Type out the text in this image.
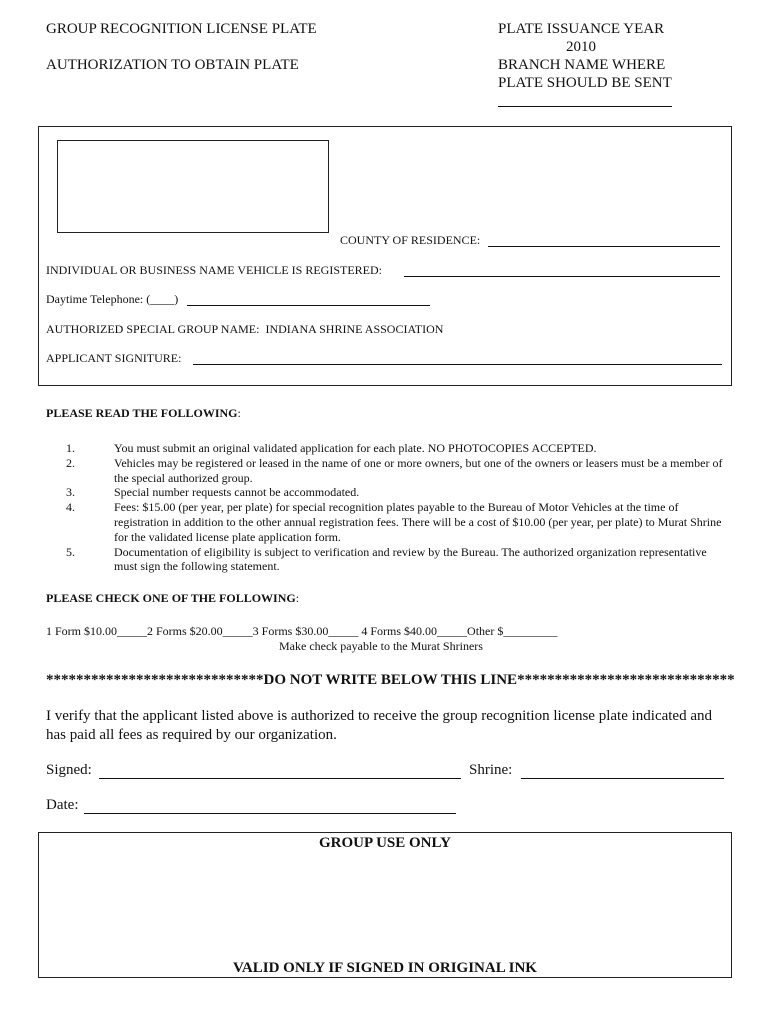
GROUP RECOGNITION LICENSE PLATE
AUTHORIZATION TO OBTAIN PLATE
PLATE ISSUANCE YEAR
2010
BRANCH NAME WHERE
PLATE SHOULD BE SENT
COUNTY OF RESIDENCE:
INDIVIDUAL OR BUSINESS NAME VEHICLE IS REGISTERED:
Daytime Telephone: (____)
AUTHORIZED SPECIAL GROUP NAME: INDIANA SHRINE ASSOCIATION
APPLICANT SIGNITURE:
PLEASE READ THE FOLLOWING:
1.	You must submit an original validated application for each plate. NO PHOTOCOPIES ACCEPTED.
2.	Vehicles may be registered or leased in the name of one or more owners, but one of the owners or leasers must be a member of the special authorized group.
3.	Special number requests cannot be accommodated.
4.	Fees: $15.00 (per year, per plate) for special recognition plates payable to the Bureau of Motor Vehicles at the time of registration in addition to the other annual registration fees. There will be a cost of $10.00 (per year, per plate) to Murat Shrine for the validated license plate application form.
5.	Documentation of eligibility is subject to verification and review by the Bureau. The authorized organization representative must sign the following statement.
PLEASE CHECK ONE OF THE FOLLOWING:
1 Form $10.00_____2 Forms $20.00_____3 Forms $30.00_____ 4 Forms $40.00_____Other $_________
Make check payable to the Murat Shriners
*****************************DO NOT WRITE BELOW THIS LINE*****************************
I verify that the applicant listed above is authorized to receive the group recognition license plate indicated and
has paid all fees as required by our organization.
Signed:	Shrine:
Date:
GROUP USE ONLY
VALID ONLY IF SIGNED IN ORIGINAL INK
